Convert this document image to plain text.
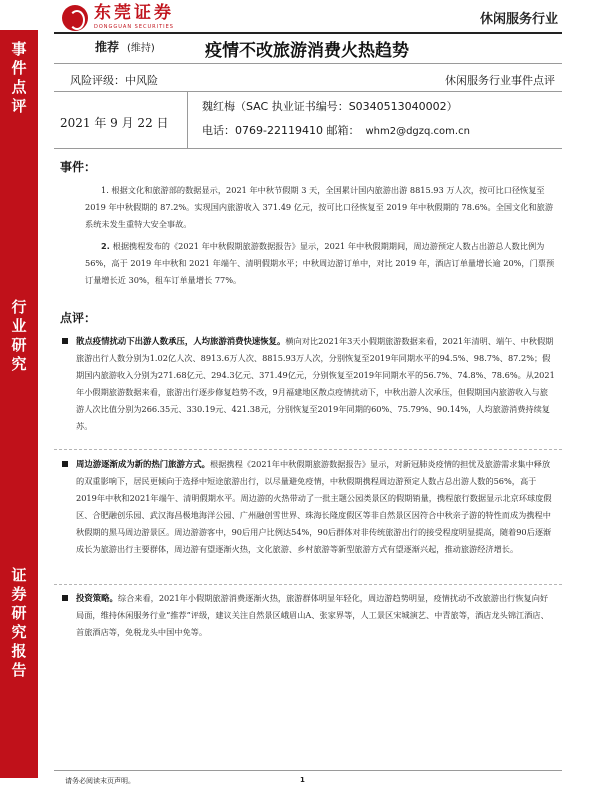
东莞证券
DONGGUAN SECURITIES	休闲服务行业
事件点评
行业研究
证券研究报告
推荐 (维持)	疫情不改旅游消费火热趋势
风险评级：中风险	休闲服务行业事件点评
2021 年 9 月 22 日
魏红梅（SAC 执业证书编号：S0340513040002）
电话：0769-22119410 邮箱： whm2@dgzq.com.cn
事件：
1. 根据文化和旅游部的数据显示，2021 年中秋节假期 3 天，全国累计国内旅游出游 8815.93 万人次，按可比口径恢复至 2019 年中秋假期的 87.2%。实现国内旅游收入 371.49 亿元，按可比口径恢复至 2019 年中秋假期的 78.6%。全国文化和旅游系统未发生重特大安全事故。
2. 根据携程发布的《2021 年中秋假期旅游数据报告》显示，2021 年中秋假期期间，周边游预定人数占出游总人数比例为 56%，高于 2019 年中秋和 2021 年端午、清明假期水平；中秋周边游订单中，对比 2019 年，酒店订单量增长逾 20%，门票预订量增长近 30%，租车订单量增长 77%。
点评：
散点疫情扰动下出游人数承压，人均旅游消费快速恢复。横向对比2021年3天小假期旅游数据来看，2021年清明、端午、中秋假期旅游出行人数分别为1.02亿人次、8913.6万人次、8815.93万人次，分别恢复至2019年同期水平的94.5%、98.7%、87.2%；假期国内旅游收入分别为271.68亿元、294.3亿元、371.49亿元，分别恢复至2019年同期水平的56.7%、74.8%、78.6%。从2021年小假期旅游数据来看，旅游出行逐步修复趋势不改，9月福建地区散点疫情扰动下，中秋出游人次承压，但假期国内旅游收入与旅游人次比值分别为266.35元、330.19元、421.38元，分别恢复至2019年同期的60%、75.79%、90.14%，人均旅游消费持续复苏。
周边游逐渐成为新的热门旅游方式。根据携程《2021年中秋假期旅游数据报告》显示，对新冠肺炎疫情的担忧及旅游需求集中释放的双重影响下，居民更倾向于选择中短途旅游出行，以尽量避免疫情，中秋假期携程周边游预定人数占总出游人数的56%，高于2019年中秋和2021年端午、清明假期水平。周边游的火热带动了一批主题公园类景区的假期销量，携程旅行数据显示北京环球度假区、合肥融创乐园、武汉海昌极地海洋公园、广州融创雪世界、珠海长隆度假区等非自然景区因符合中秋亲子游的特性而成为携程中秋假期的黑马周边游景区。周边游游客中，90后用户比例达54%，90后群体对非传统旅游出行的接受程度明显提高，随着90后逐渐成长为旅游出行主要群体，周边游有望逐渐火热，文化旅游、乡村旅游等新型旅游方式有望逐渐兴起，推动旅游经济增长。
投资策略。综合来看，2021年小假期旅游消费逐渐火热，旅游群体明显年轻化，周边游趋势明显，疫情扰动不改旅游出行恢复向好局面，维持休闲服务行业“推荐”评级，建议关注自然景区峨眉山A、张家界等，人工景区宋城演艺、中青旅等，酒店龙头锦江酒店、首旅酒店等，免税龙头中国中免等。
请务必阅读末页声明。	1
